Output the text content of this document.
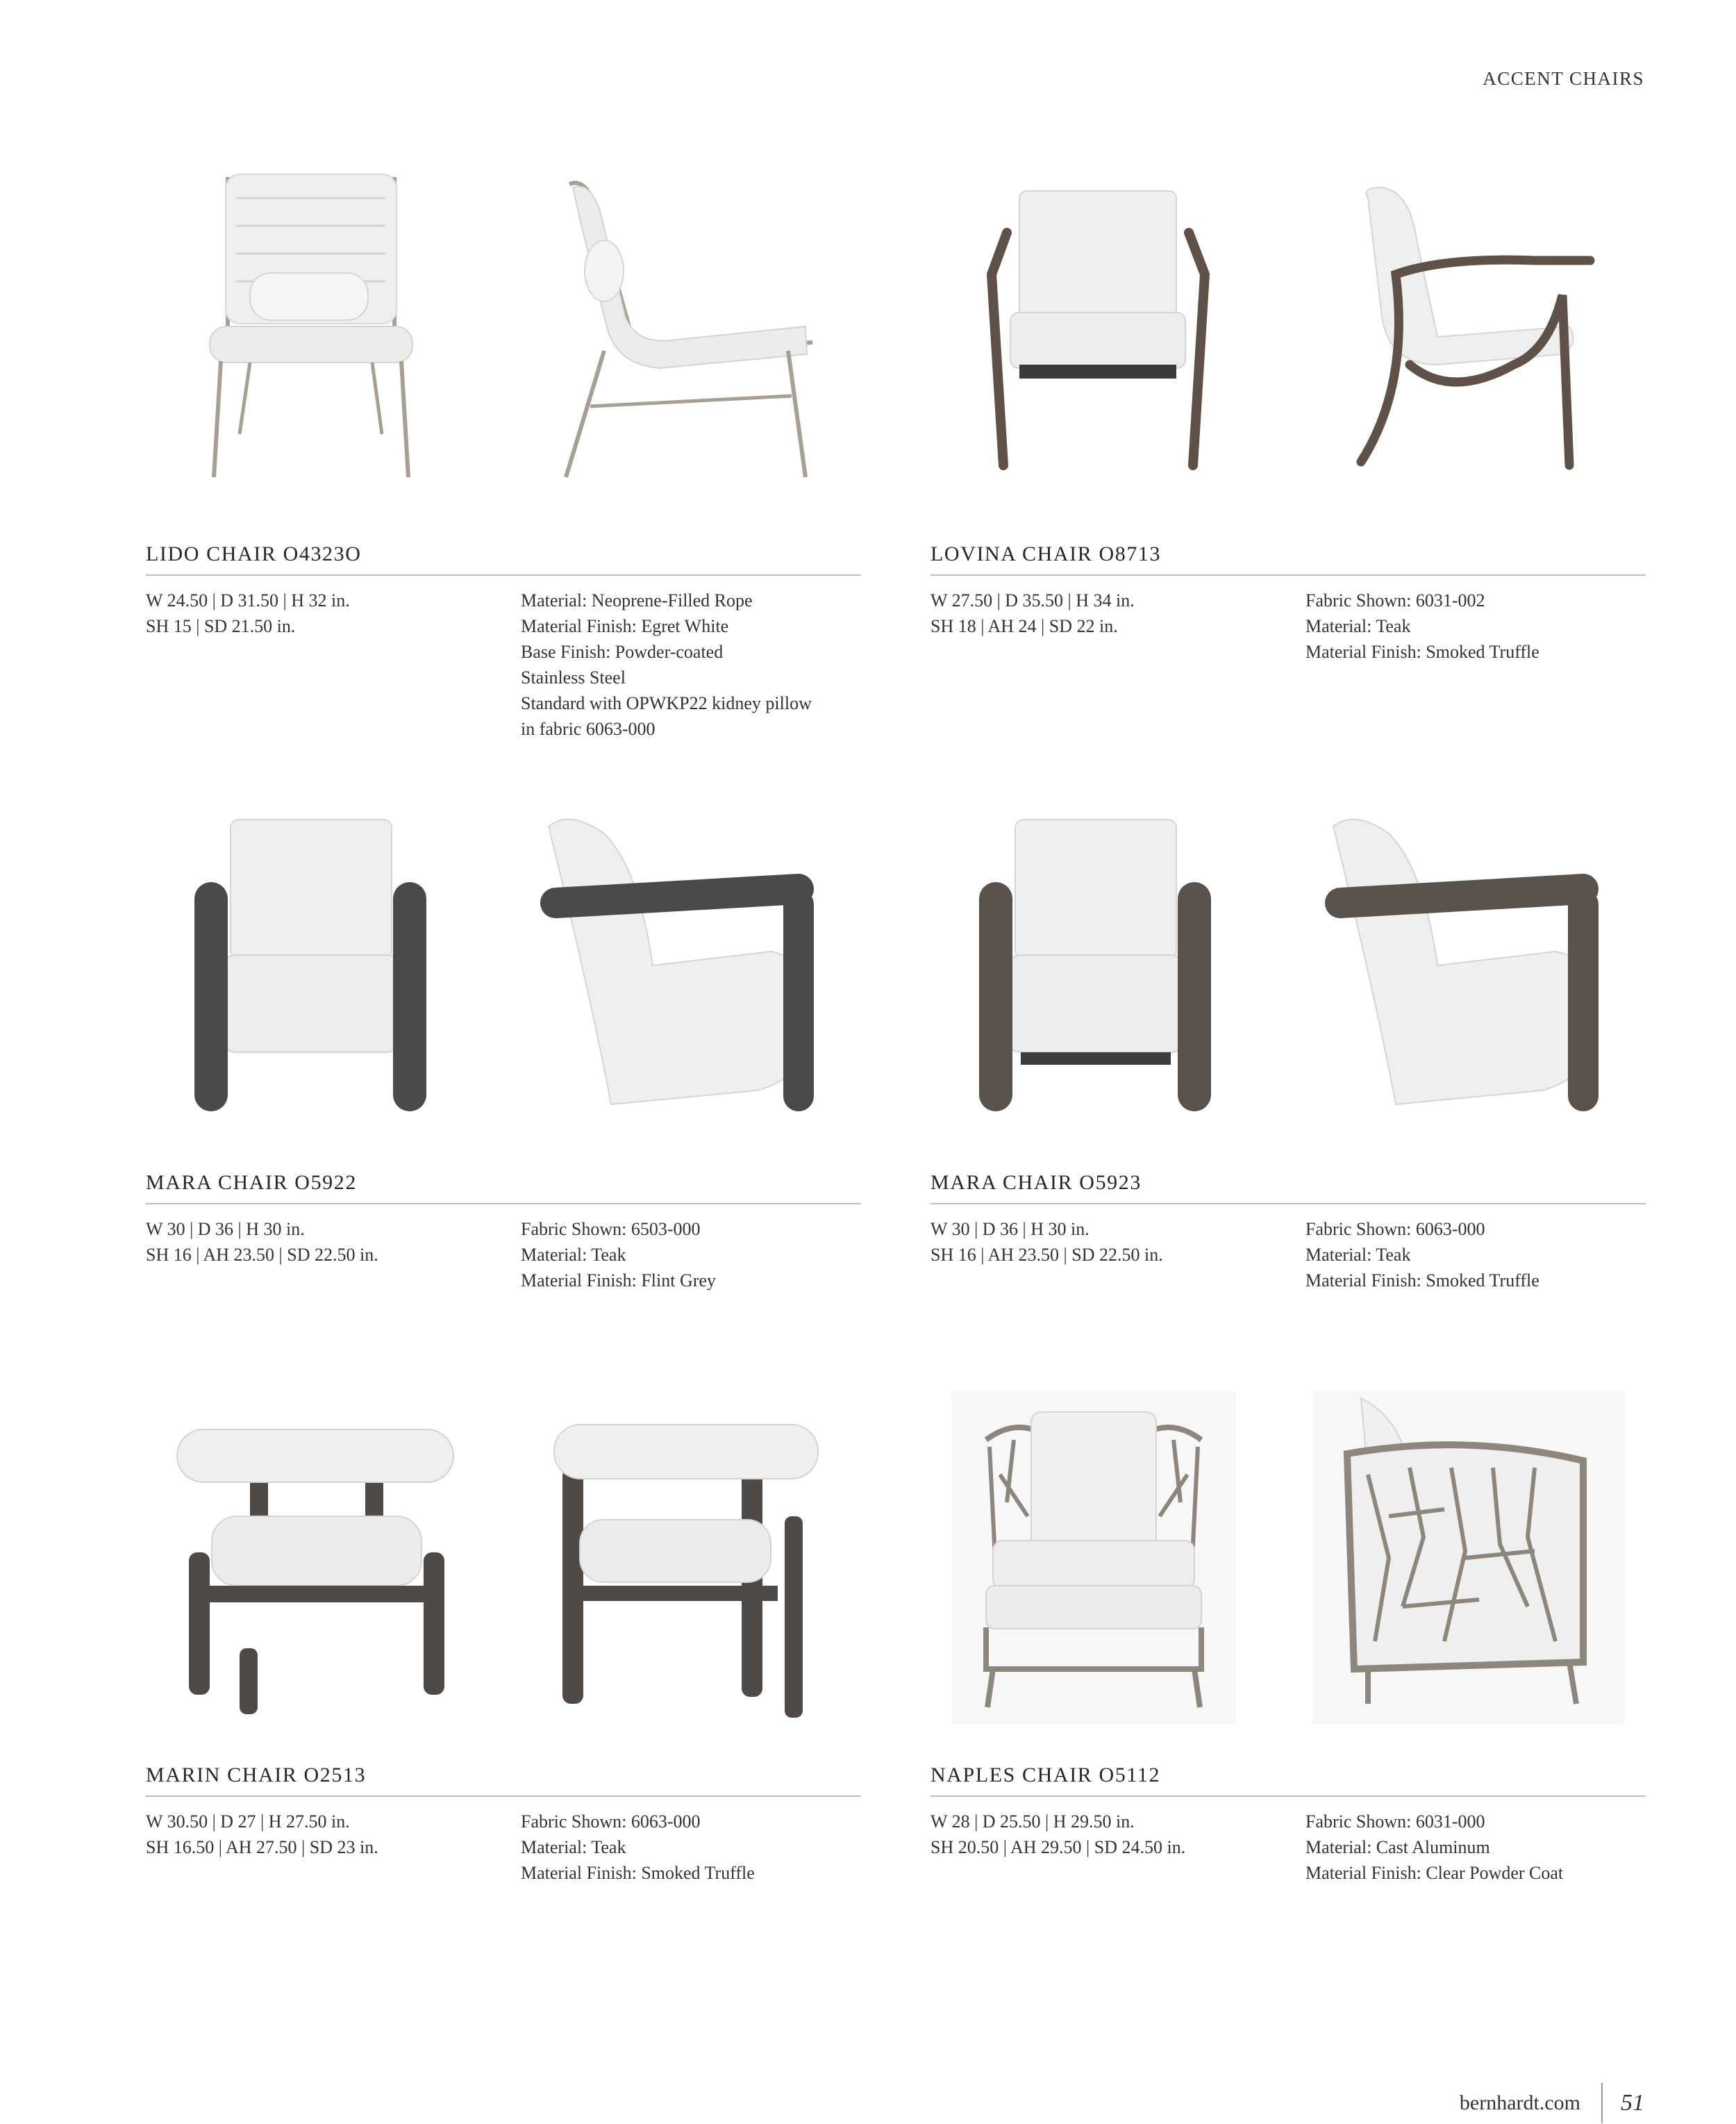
ACCENT CHAIRS
LIDO CHAIR O4323O
W 24.50 | D 31.50 | H 32 in.
SH 15 | SD 21.50 in.
Material: Neoprene-Filled Rope
Material Finish: Egret White
Base Finish: Powder-coated
Stainless Steel
Standard with OPWKP22 kidney pillow
in fabric 6063-000
LOVINA CHAIR O8713
W 27.50 | D 35.50 | H 34 in.
SH 18 | AH 24 | SD 22 in.
Fabric Shown: 6031-002
Material: Teak
Material Finish: Smoked Truffle
MARA CHAIR O5922
W 30 | D 36 | H 30 in.
SH 16 | AH 23.50 | SD 22.50 in.
Fabric Shown: 6503-000
Material: Teak
Material Finish: Flint Grey
MARA CHAIR O5923
W 30 | D 36 | H 30 in.
SH 16 | AH 23.50 | SD 22.50 in.
Fabric Shown: 6063-000
Material: Teak
Material Finish: Smoked Truffle
MARIN CHAIR O2513
W 30.50 | D 27 | H 27.50 in.
SH 16.50 | AH 27.50 | SD 23 in.
Fabric Shown: 6063-000
Material: Teak
Material Finish: Smoked Truffle
NAPLES CHAIR O5112
W 28 | D 25.50 | H 29.50 in.
SH 20.50 | AH 29.50 | SD 24.50 in.
Fabric Shown: 6031-000
Material: Cast Aluminum
Material Finish: Clear Powder Coat
bernhardt.com 51
